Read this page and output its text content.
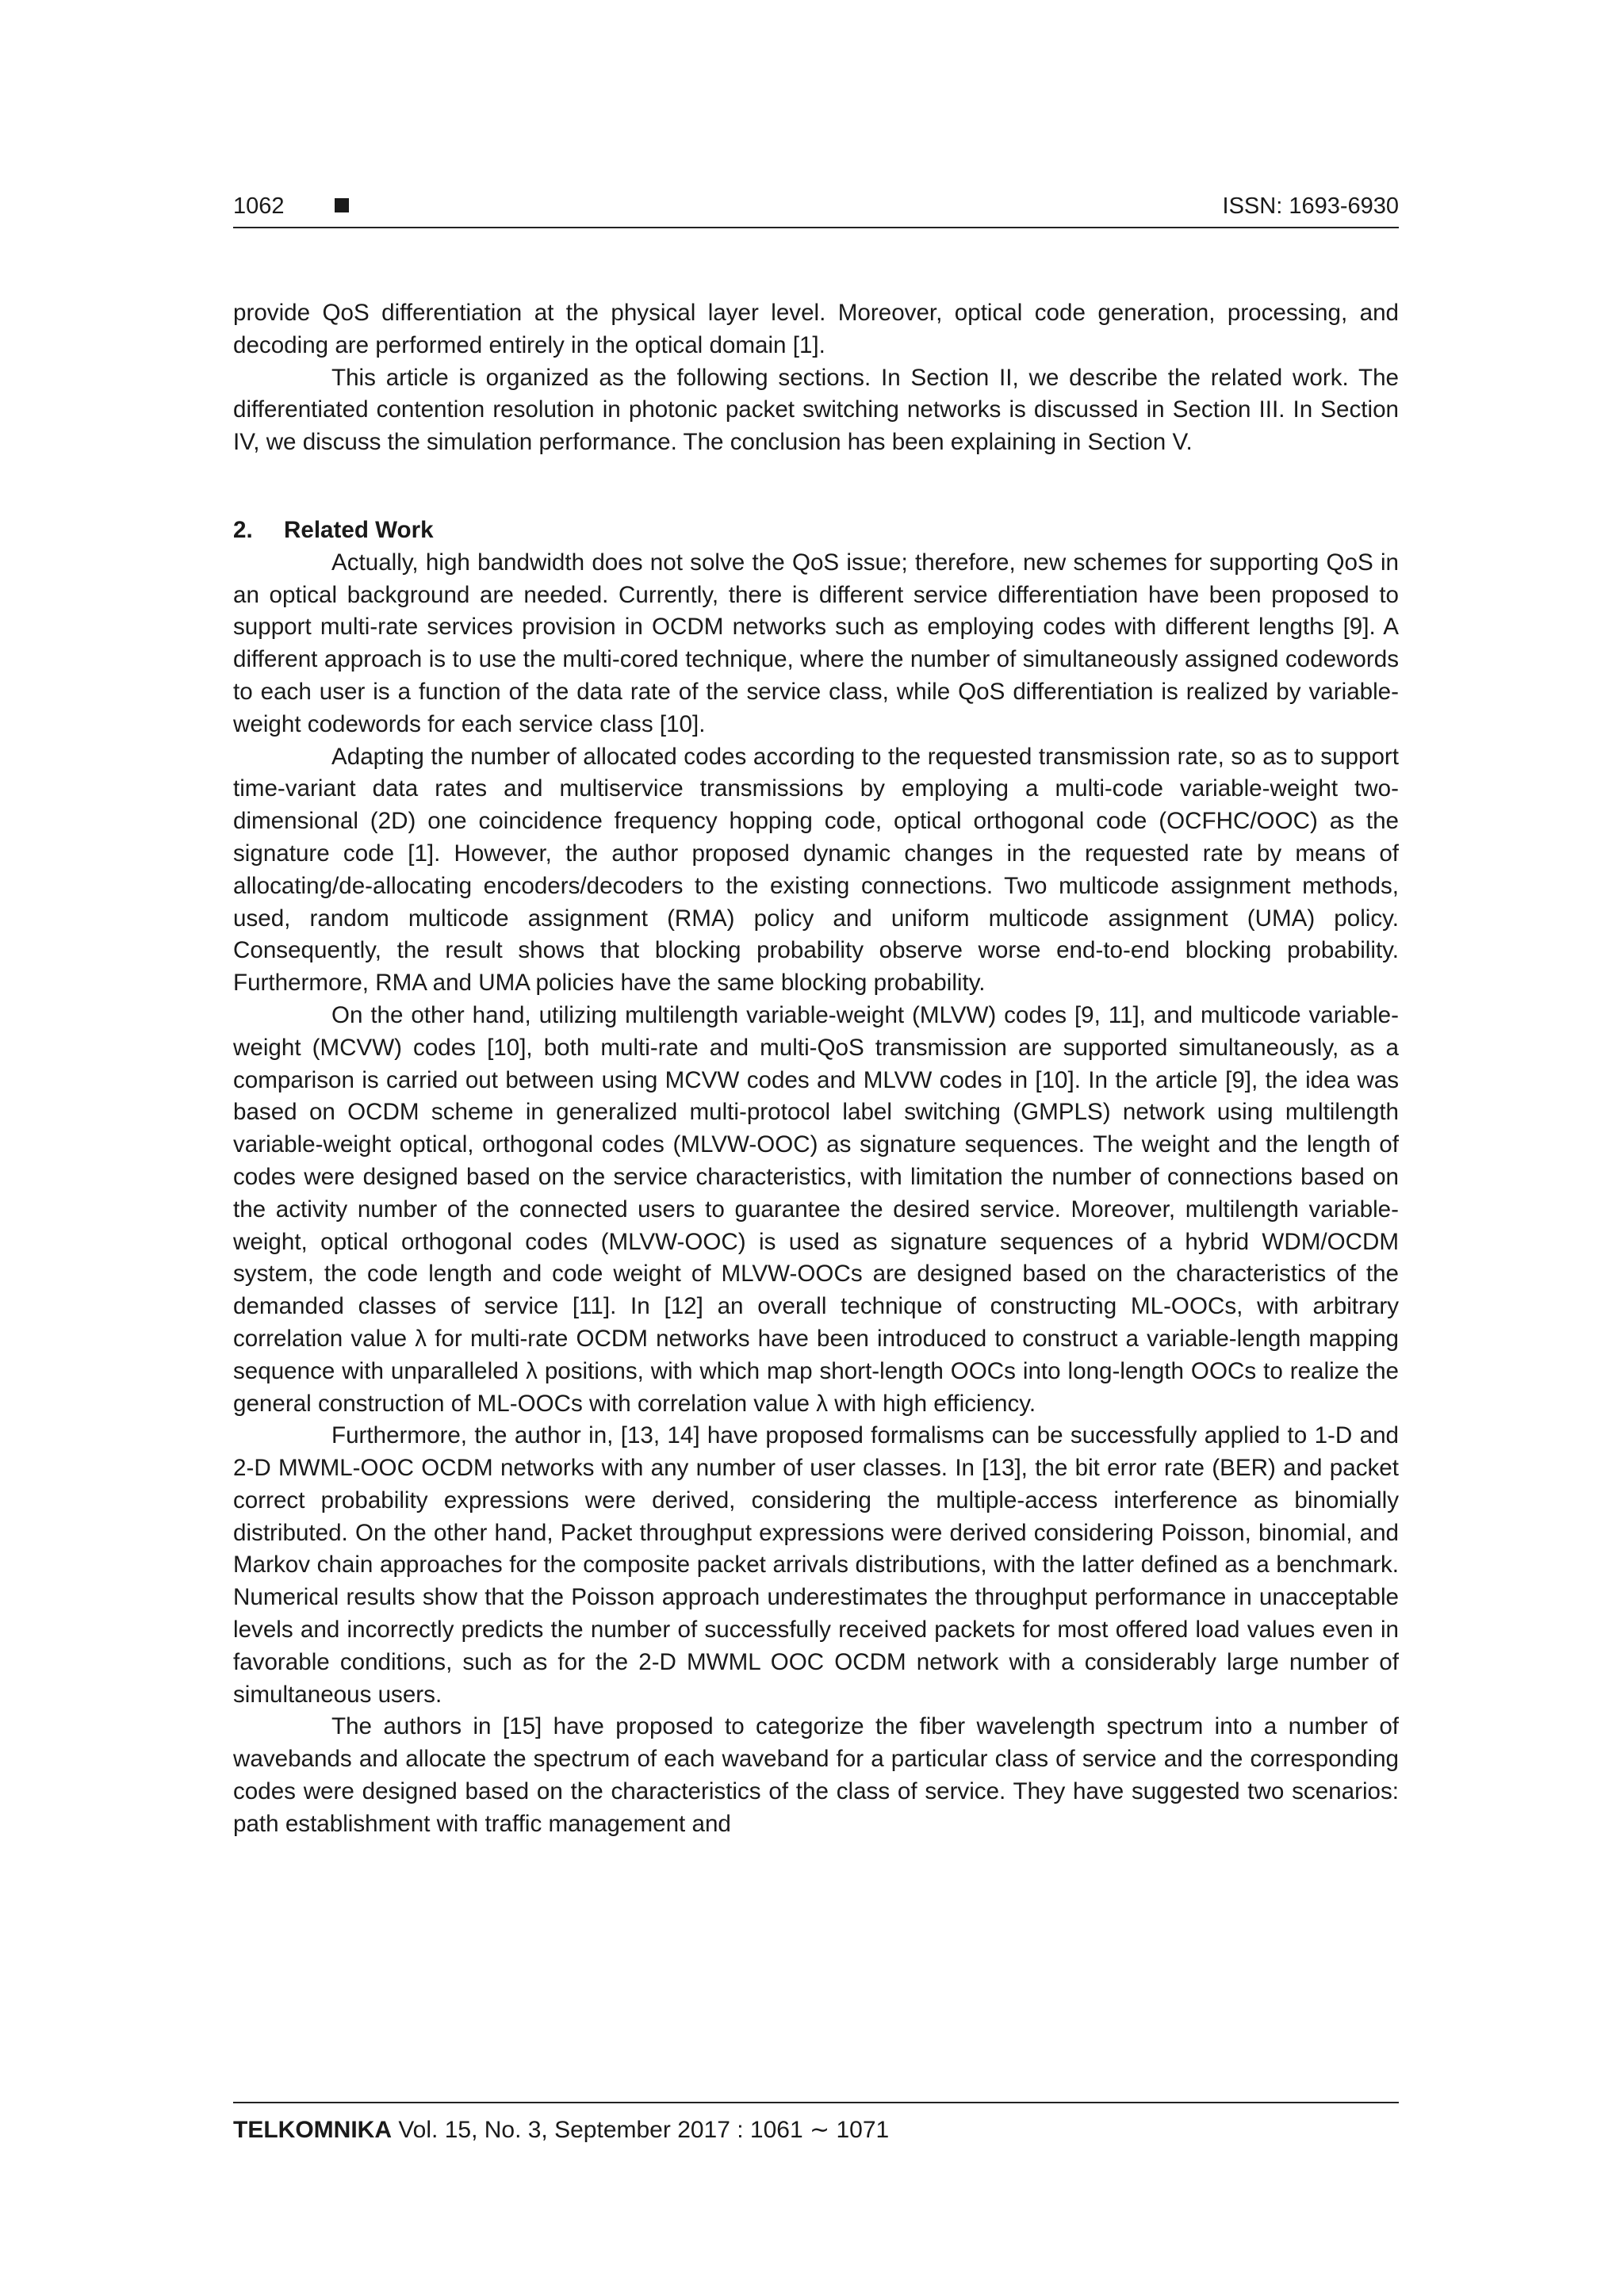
1062	ISSN: 1693-6930

provide QoS differentiation at the physical layer level. Moreover, optical code generation, processing, and decoding are performed entirely in the optical domain [1].

This article is organized as the following sections. In Section II, we describe the related work. The differentiated contention resolution in photonic packet switching networks is discussed in Section III. In Section IV, we discuss the simulation performance. The conclusion has been explaining in Section V.

2. Related Work

Actually, high bandwidth does not solve the QoS issue; therefore, new schemes for supporting QoS in an optical background are needed. Currently, there is different service differentiation have been proposed to support multi-rate services provision in OCDM networks such as employing codes with different lengths [9]. A different approach is to use the multi-cored technique, where the number of simultaneously assigned codewords to each user is a function of the data rate of the service class, while QoS differentiation is realized by variable-weight codewords for each service class [10].

Adapting the number of allocated codes according to the requested transmission rate, so as to support time-variant data rates and multiservice transmissions by employing a multi-code variable-weight two-dimensional (2D) one coincidence frequency hopping code, optical orthogonal code (OCFHC/OOC) as the signature code [1]. However, the author proposed dynamic changes in the requested rate by means of allocating/de-allocating encoders/decoders to the existing connections. Two multicode assignment methods, used, random multicode assignment (RMA) policy and uniform multicode assignment (UMA) policy. Consequently, the result shows that blocking probability observe worse end-to-end blocking probability. Furthermore, RMA and UMA policies have the same blocking probability.

On the other hand, utilizing multilength variable-weight (MLVW) codes [9, 11], and multicode variable-weight (MCVW) codes [10], both multi-rate and multi-QoS transmission are supported simultaneously, as a comparison is carried out between using MCVW codes and MLVW codes in [10]. In the article [9], the idea was based on OCDM scheme in generalized multi-protocol label switching (GMPLS) network using multilength variable-weight optical, orthogonal codes (MLVW-OOC) as signature sequences. The weight and the length of codes were designed based on the service characteristics, with limitation the number of connections based on the activity number of the connected users to guarantee the desired service. Moreover, multilength variable-weight, optical orthogonal codes (MLVW-OOC) is used as signature sequences of a hybrid WDM/OCDM system, the code length and code weight of MLVW-OOCs are designed based on the characteristics of the demanded classes of service [11]. In [12] an overall technique of constructing ML-OOCs, with arbitrary correlation value λ for multi-rate OCDM networks have been introduced to construct a variable-length mapping sequence with unparalleled λ positions, with which map short-length OOCs into long-length OOCs to realize the general construction of ML-OOCs with correlation value λ with high efficiency.

Furthermore, the author in, [13, 14] have proposed formalisms can be successfully applied to 1-D and 2-D MWML-OOC OCDM networks with any number of user classes. In [13], the bit error rate (BER) and packet correct probability expressions were derived, considering the multiple-access interference as binomially distributed. On the other hand, Packet throughput expressions were derived considering Poisson, binomial, and Markov chain approaches for the composite packet arrivals distributions, with the latter defined as a benchmark. Numerical results show that the Poisson approach underestimates the throughput performance in unacceptable levels and incorrectly predicts the number of successfully received packets for most offered load values even in favorable conditions, such as for the 2-D MWML OOC OCDM network with a considerably large number of simultaneous users.

The authors in [15] have proposed to categorize the fiber wavelength spectrum into a number of wavebands and allocate the spectrum of each waveband for a particular class of service and the corresponding codes were designed based on the characteristics of the class of service. They have suggested two scenarios: path establishment with traffic management and

TELKOMNIKA Vol. 15, No. 3, September 2017 : 1061 ∼ 1071
